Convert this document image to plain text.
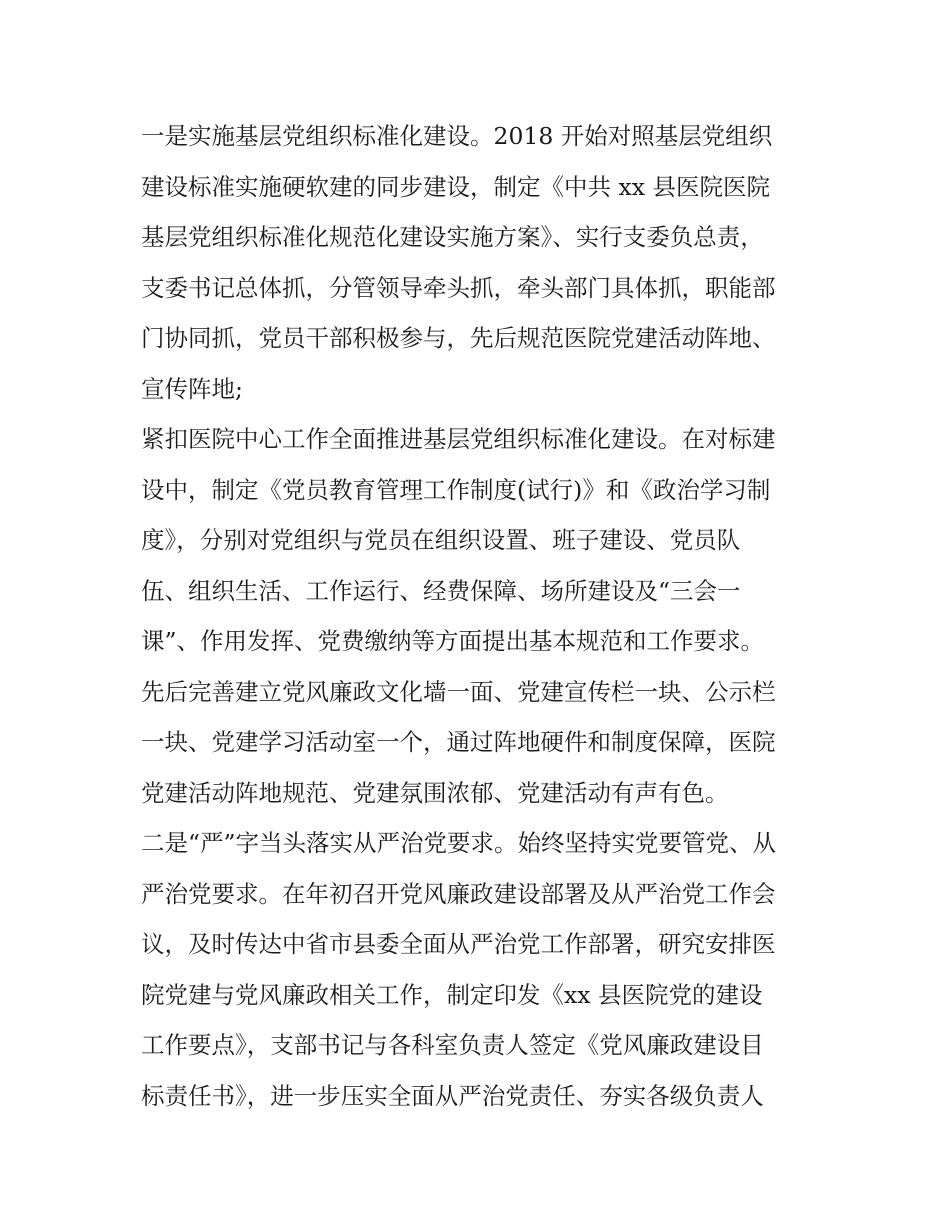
一是实施基层党组织标准化建设。2018 开始对照基层党组织
建设标准实施硬软建的同步建设，制定《中共 xx 县医院医院
基层党组织标准化规范化建设实施方案》、实行支委负总责，
支委书记总体抓，分管领导牵头抓，牵头部门具体抓，职能部
门协同抓，党员干部积极参与，先后规范医院党建活动阵地、
宣传阵地;
紧扣医院中心工作全面推进基层党组织标准化建设。在对标建
设中，制定《党员教育管理工作制度(试行)》和《政治学习制
度》，分别对党组织与党员在组织设置、班子建设、党员队
伍、组织生活、工作运行、经费保障、场所建设及“三会一
课”、作用发挥、党费缴纳等方面提出基本规范和工作要求。
先后完善建立党风廉政文化墙一面、党建宣传栏一块、公示栏
一块、党建学习活动室一个，通过阵地硬件和制度保障，医院
党建活动阵地规范、党建氛围浓郁、党建活动有声有色。
二是“严”字当头落实从严治党要求。始终坚持实党要管党、从
严治党要求。在年初召开党风廉政建设部署及从严治党工作会
议，及时传达中省市县委全面从严治党工作部署，研究安排医
院党建与党风廉政相关工作，制定印发《xx 县医院党的建设
工作要点》，支部书记与各科室负责人签定《党风廉政建设目
标责任书》，进一步压实全面从严治党责任、夯实各级负责人
